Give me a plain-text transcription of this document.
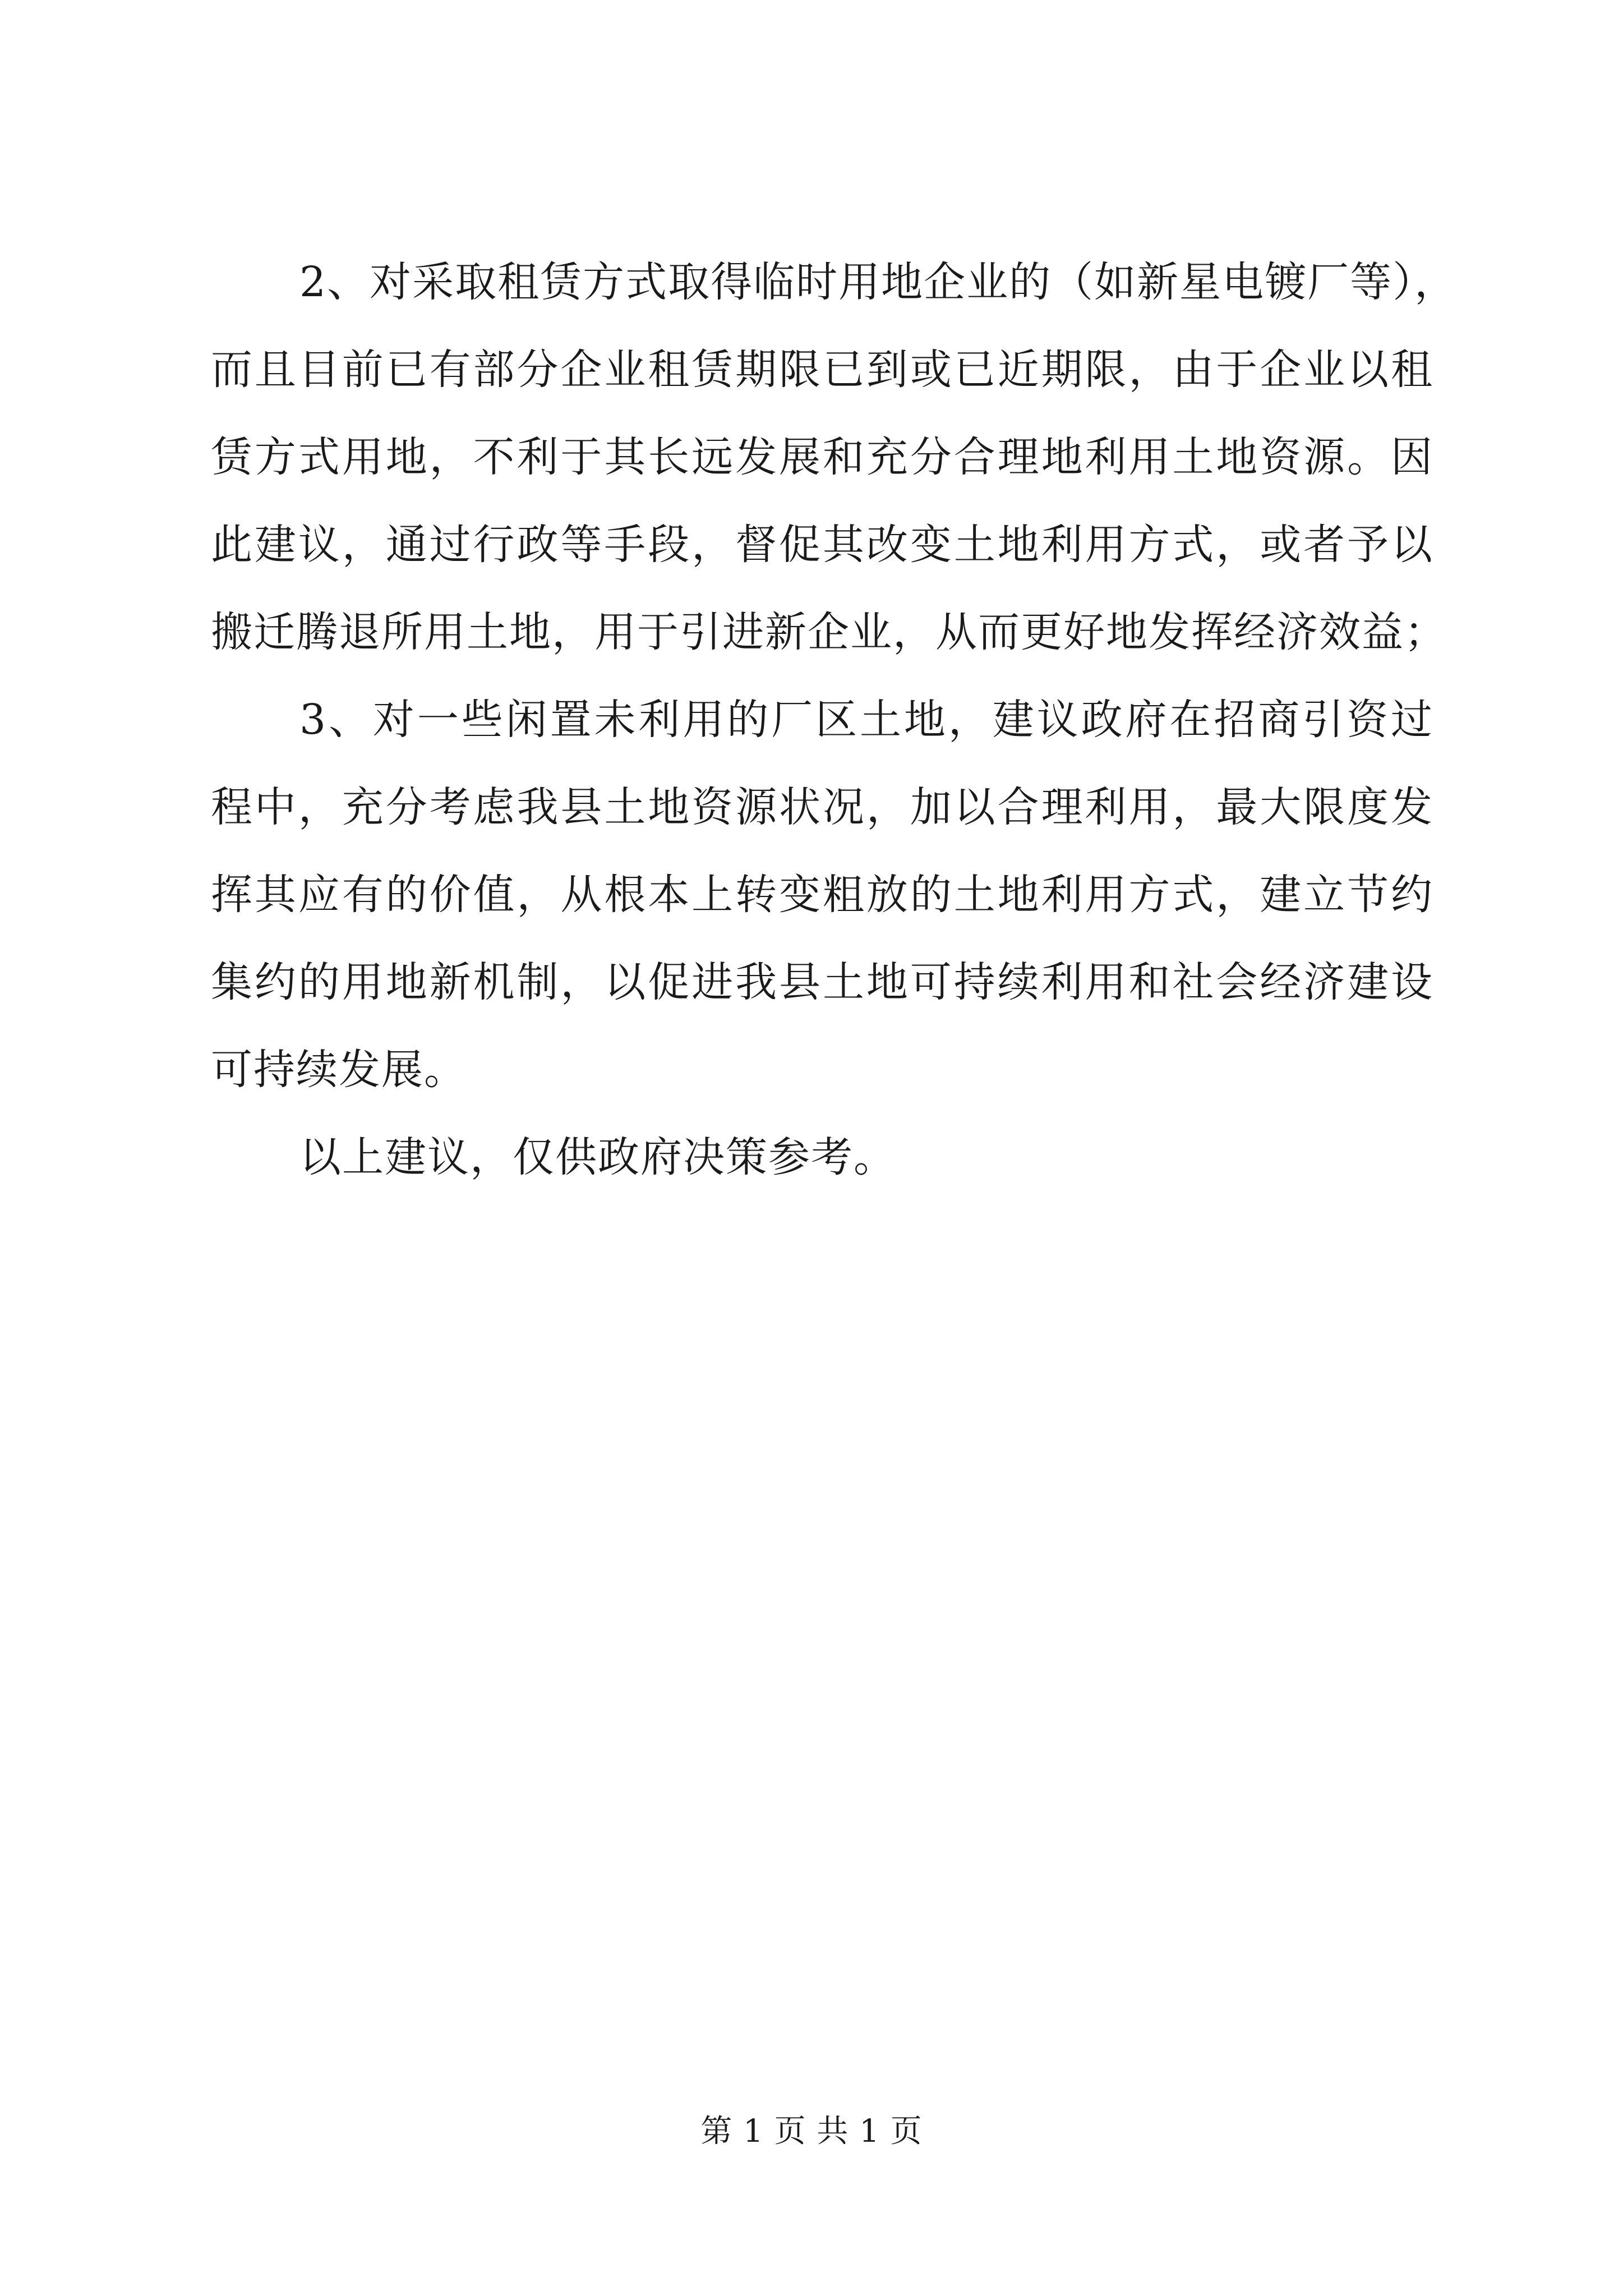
2、对采取租赁方式取得临时用地企业的（如新星电镀厂等），
而且目前已有部分企业租赁期限已到或已近期限，由于企业以租
赁方式用地，不利于其长远发展和充分合理地利用土地资源。因
此建议，通过行政等手段，督促其改变土地利用方式，或者予以
搬迁腾退所用土地，用于引进新企业，从而更好地发挥经济效益；
3、对一些闲置未利用的厂区土地，建议政府在招商引资过
程中，充分考虑我县土地资源状况，加以合理利用，最大限度发
挥其应有的价值，从根本上转变粗放的土地利用方式，建立节约
集约的用地新机制，以促进我县土地可持续利用和社会经济建设
可持续发展。
以上建议，仅供政府决策参考。
第 1 页 共 1 页
